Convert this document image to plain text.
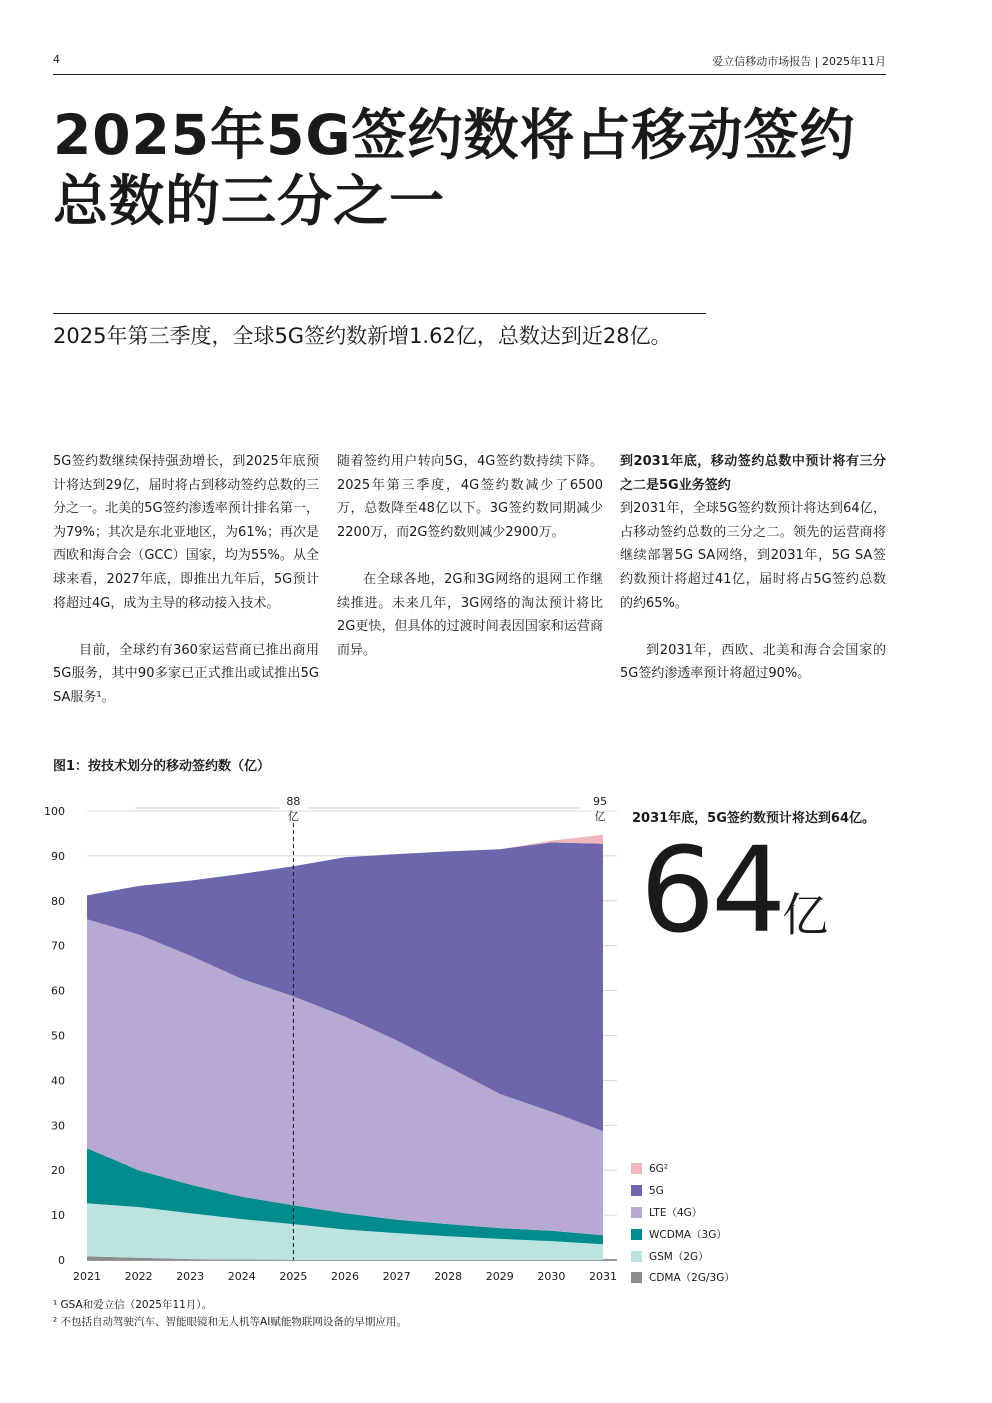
4	爱立信移动市场报告 | 2025年11月
2025年5G签约数将占移动签约
总数的三分之一
2025年第三季度，全球5G签约数新增1.62亿，总数达到近28亿。

5G签约数继续保持强劲增长，到2025年底预计将达到29亿，届时将占到移动签约总数的三分之一。北美的5G签约渗透率预计排名第一，为79%；其次是东北亚地区，为61%；再次是西欧和海合会（GCC）国家，均为55%。从全球来看，2027年底，即推出九年后，5G预计将超过4G，成为主导的移动接入技术。

目前，全球约有360家运营商已推出商用5G服务，其中90多家已正式推出或试推出5G SA服务¹。

随着签约用户转向5G，4G签约数持续下降。2025年第三季度，4G签约数减少了6500万，总数降至48亿以下。3G签约数同期减少2200万，而2G签约数则减少2900万。

在全球各地，2G和3G网络的退网工作继续推进。未来几年，3G网络的淘汰预计将比2G更快，但具体的过渡时间表因国家和运营商而异。

到2031年底，移动签约总数中预计将有三分之二是5G业务签约

到2031年，全球5G签约数预计将达到64亿，占移动签约总数的三分之二。领先的运营商将继续部署5G SA网络，到2031年，5G SA签约数预计将超过41亿，届时将占5G签约总数的约65%。

到2031年，西欧、北美和海合会国家的5G签约渗透率预计将超过90%。

图1：按技术划分的移动签约数（亿）
0
10
20
30
40
50
60
70
80
90
100
2021 2022 2023 2024 2025 2026 2027 2028 2029 2030 2031
88
亿
95
亿 2031年底，5G签约数预计将达到64亿。
64亿
6G²
5G
LTE（4G）
WCDMA（3G）
GSM（2G）
CDMA（2G/3G）

¹ GSA和爱立信（2025年11月）。

² 不包括自动驾驶汽车、智能眼镜和无人机等AI赋能物联网设备的早期应用。
